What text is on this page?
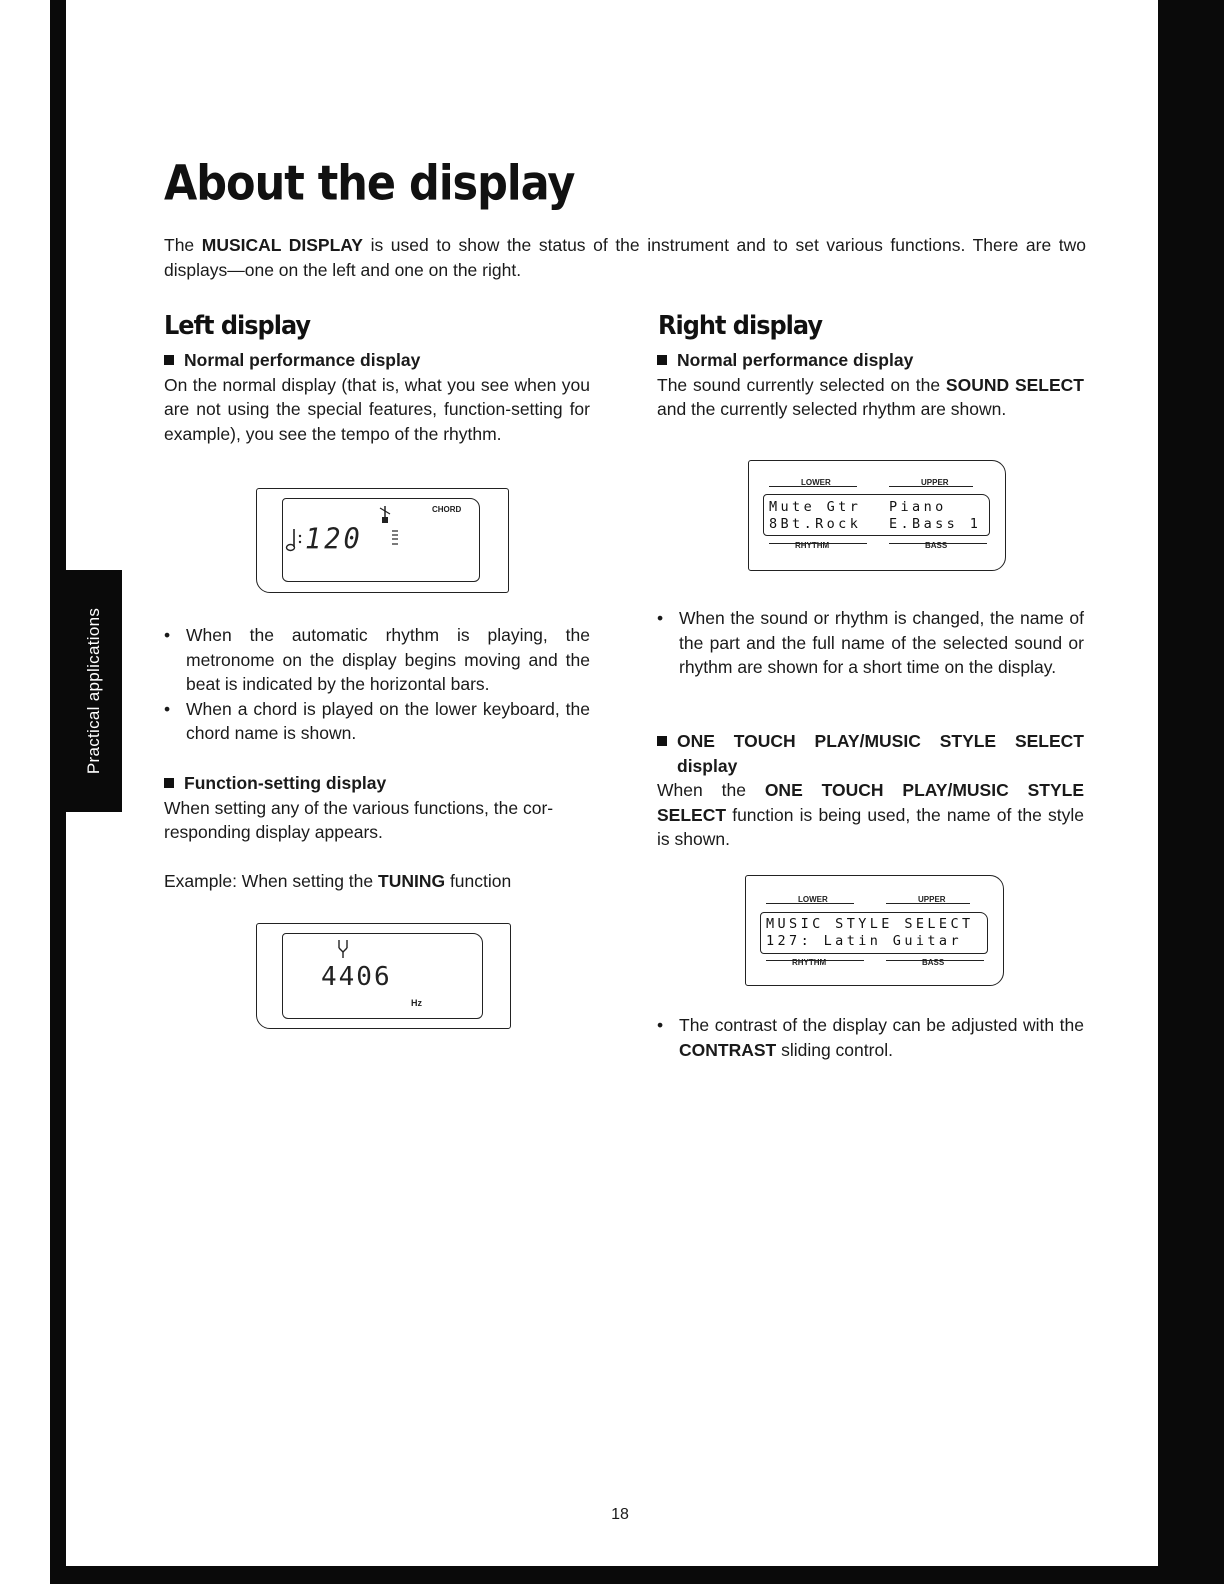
Practical applications
About the display

The MUSICAL DISPLAY is used to show the status of the instrument and to set various functions. There are two displays—one on the left and one on the right.

Left display

Normal performance display

On the normal display (that is, what you see when you are not using the special features, function-setting for example), you see the tempo of the rhythm.

CHORD
120

• When the automatic rhythm is playing, the metronome on the display begins moving and the beat is indicated by the horizontal bars.

• When a chord is played on the lower keyboard, the chord name is shown.

Function-setting display

When setting any of the various functions, the cor-responding display appears.

Example: When setting the TUNING function

4406
Hz
Right display

Normal performance display

The sound currently selected on the SOUND SELECT and the currently selected rhythm are shown.

LOWER	UPPER
Mute Gtr Piano
8Bt.Rock E.Bass 1
RHYTHM	BASS

• When the sound or rhythm is changed, the name of the part and the full name of the selected sound or rhythm are shown for a short time on the display.

ONE TOUCH PLAY/MUSIC STYLE SELECT display

When the ONE TOUCH PLAY/MUSIC STYLE SELECT function is being used, the name of the style is shown.

LOWER	UPPER
MUSIC STYLE SELECT
127: Latin Guitar
RHYTHM	BASS

• The contrast of the display can be adjusted with the CONTRAST sliding control.

18
